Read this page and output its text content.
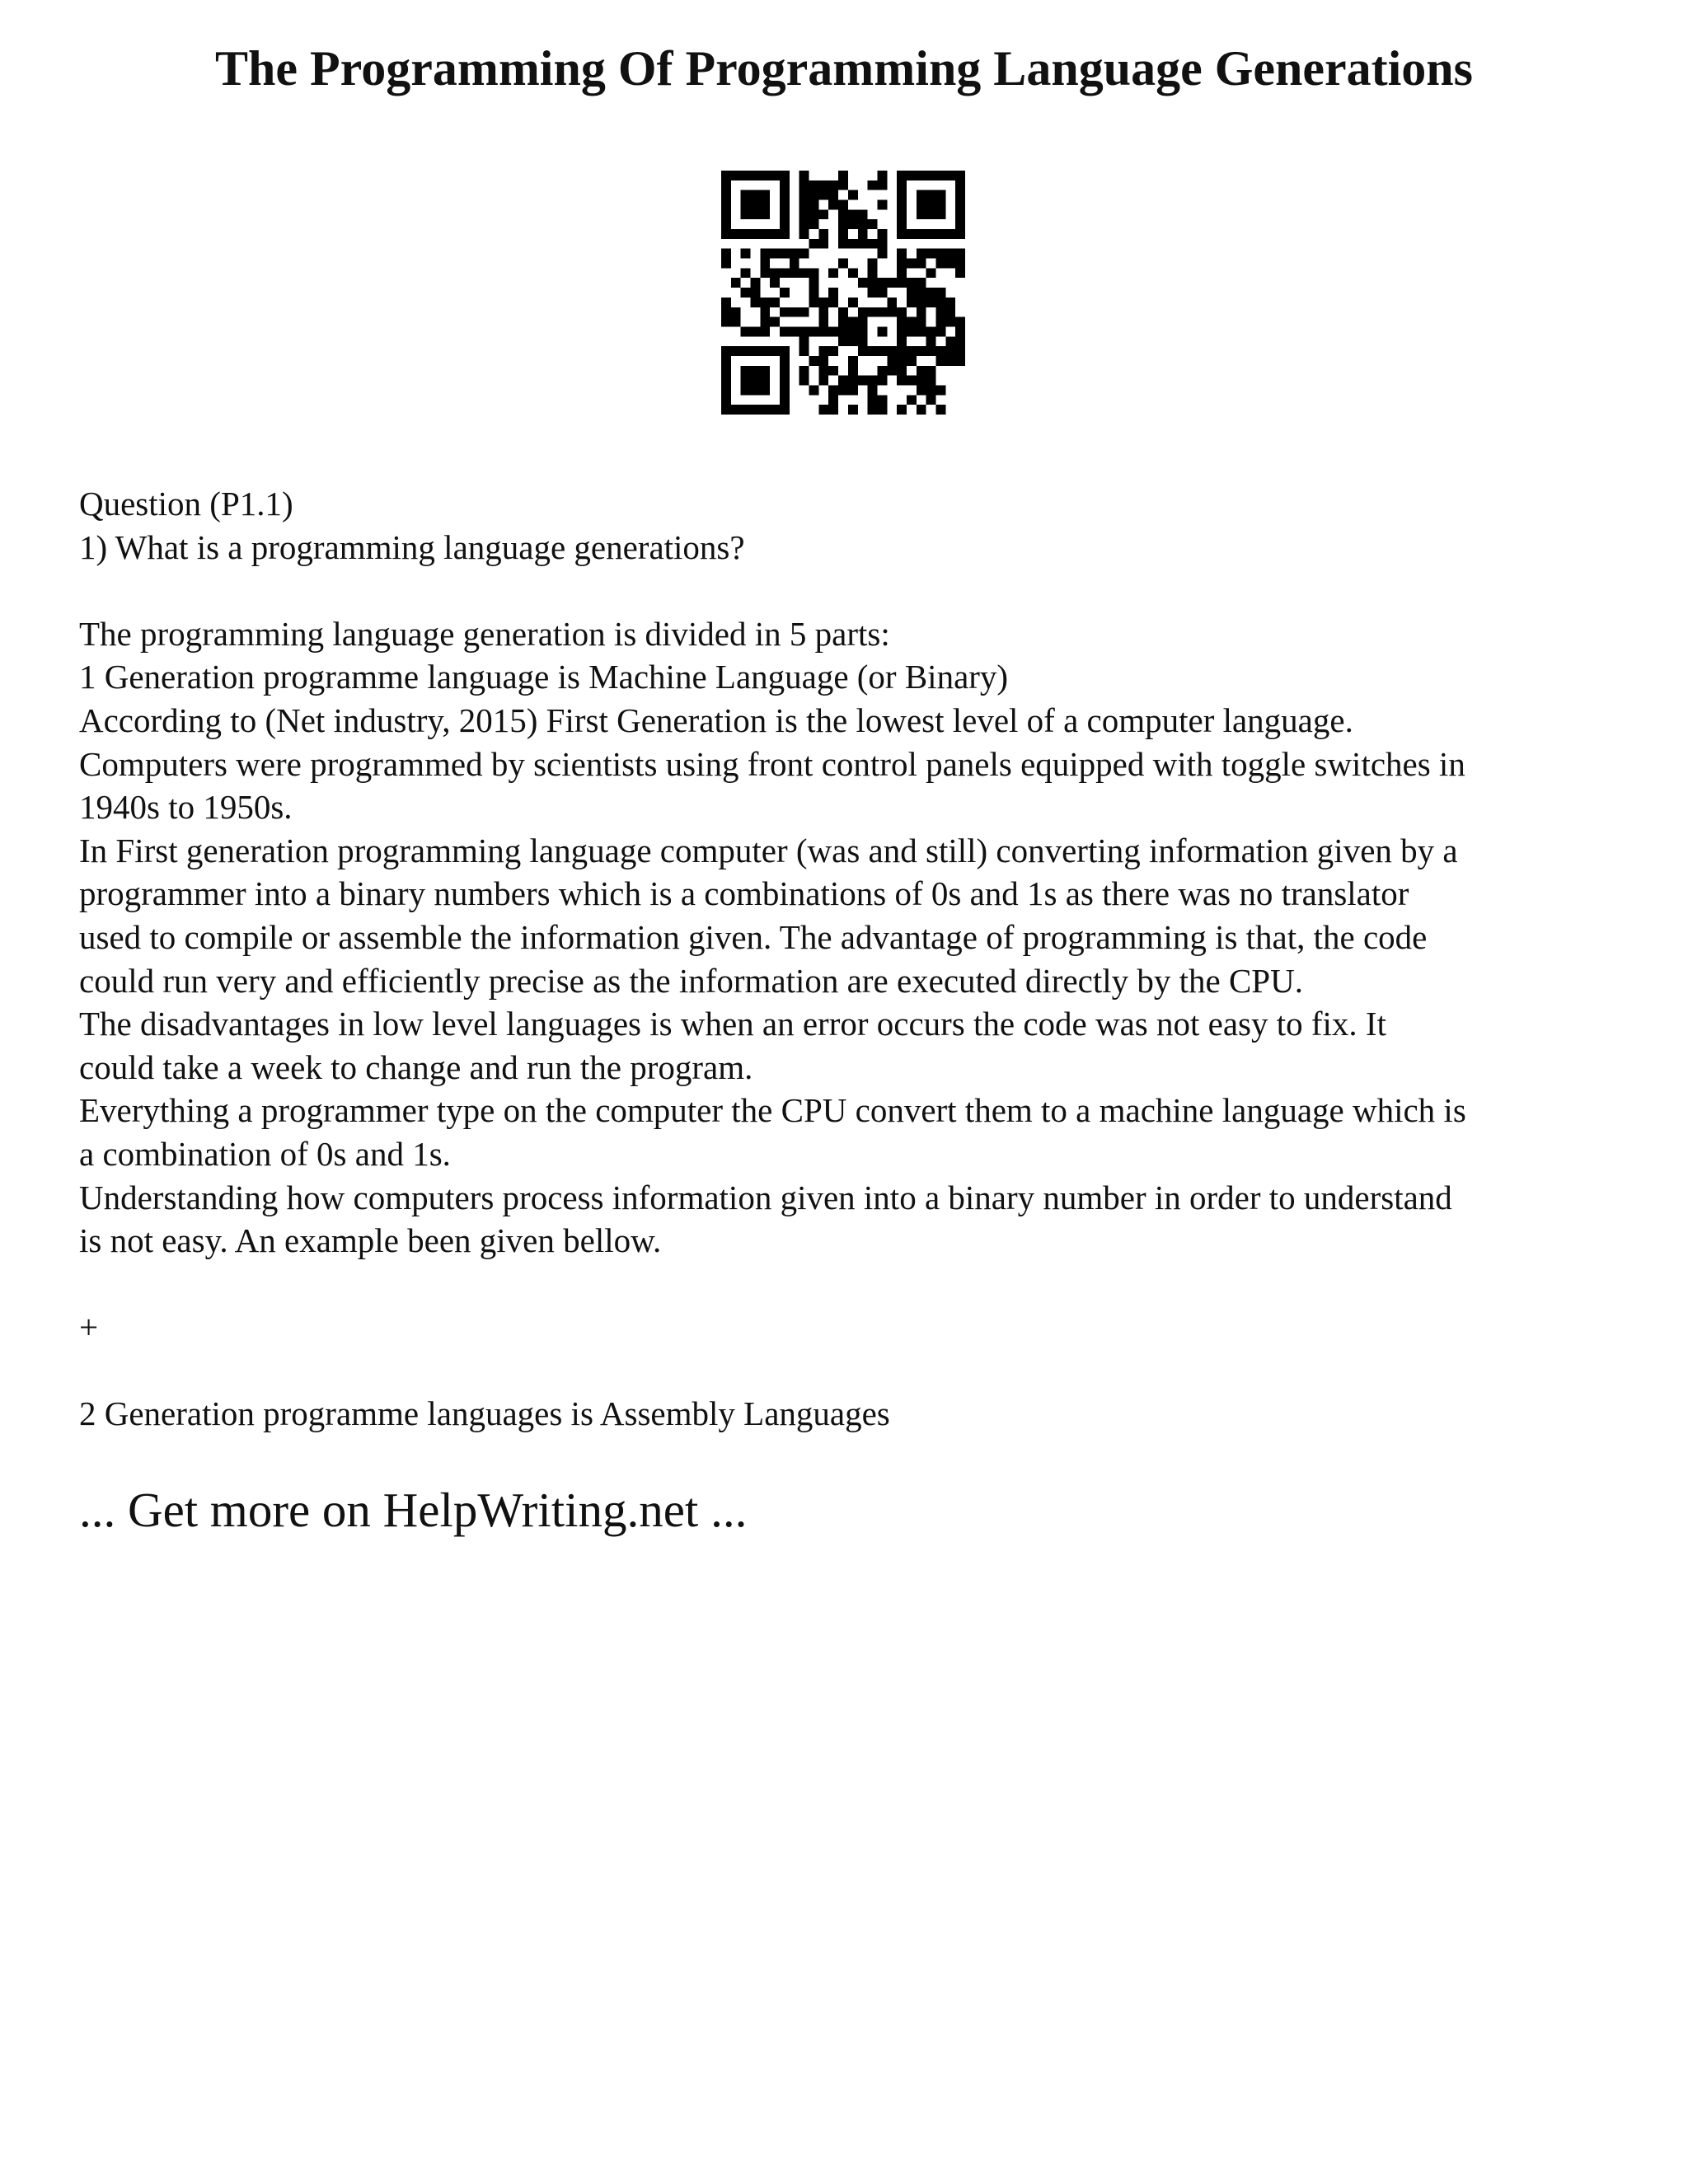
The Programming Of Programming Language Generations
Question (P1.1)
1) What is a programming language generations?
The programming language generation is divided in 5 parts:
1 Generation programme language is Machine Language (or Binary)
According to (Net industry, 2015) First Generation is the lowest level of a computer language.
Computers were programmed by scientists using front control panels equipped with toggle switches in
1940s to 1950s.
In First generation programming language computer (was and still) converting information given by a
programmer into a binary numbers which is a combinations of 0s and 1s as there was no translator
used to compile or assemble the information given. The advantage of programming is that, the code
could run very and efficiently precise as the information are executed directly by the CPU.
The disadvantages in low level languages is when an error occurs the code was not easy to fix. It
could take a week to change and run the program.
Everything a programmer type on the computer the CPU convert them to a machine language which is
a combination of 0s and 1s.
Understanding how computers process information given into a binary number in order to understand
is not easy. An example been given bellow.
+
2 Generation programme languages is Assembly Languages
... Get more on HelpWriting.net ...
